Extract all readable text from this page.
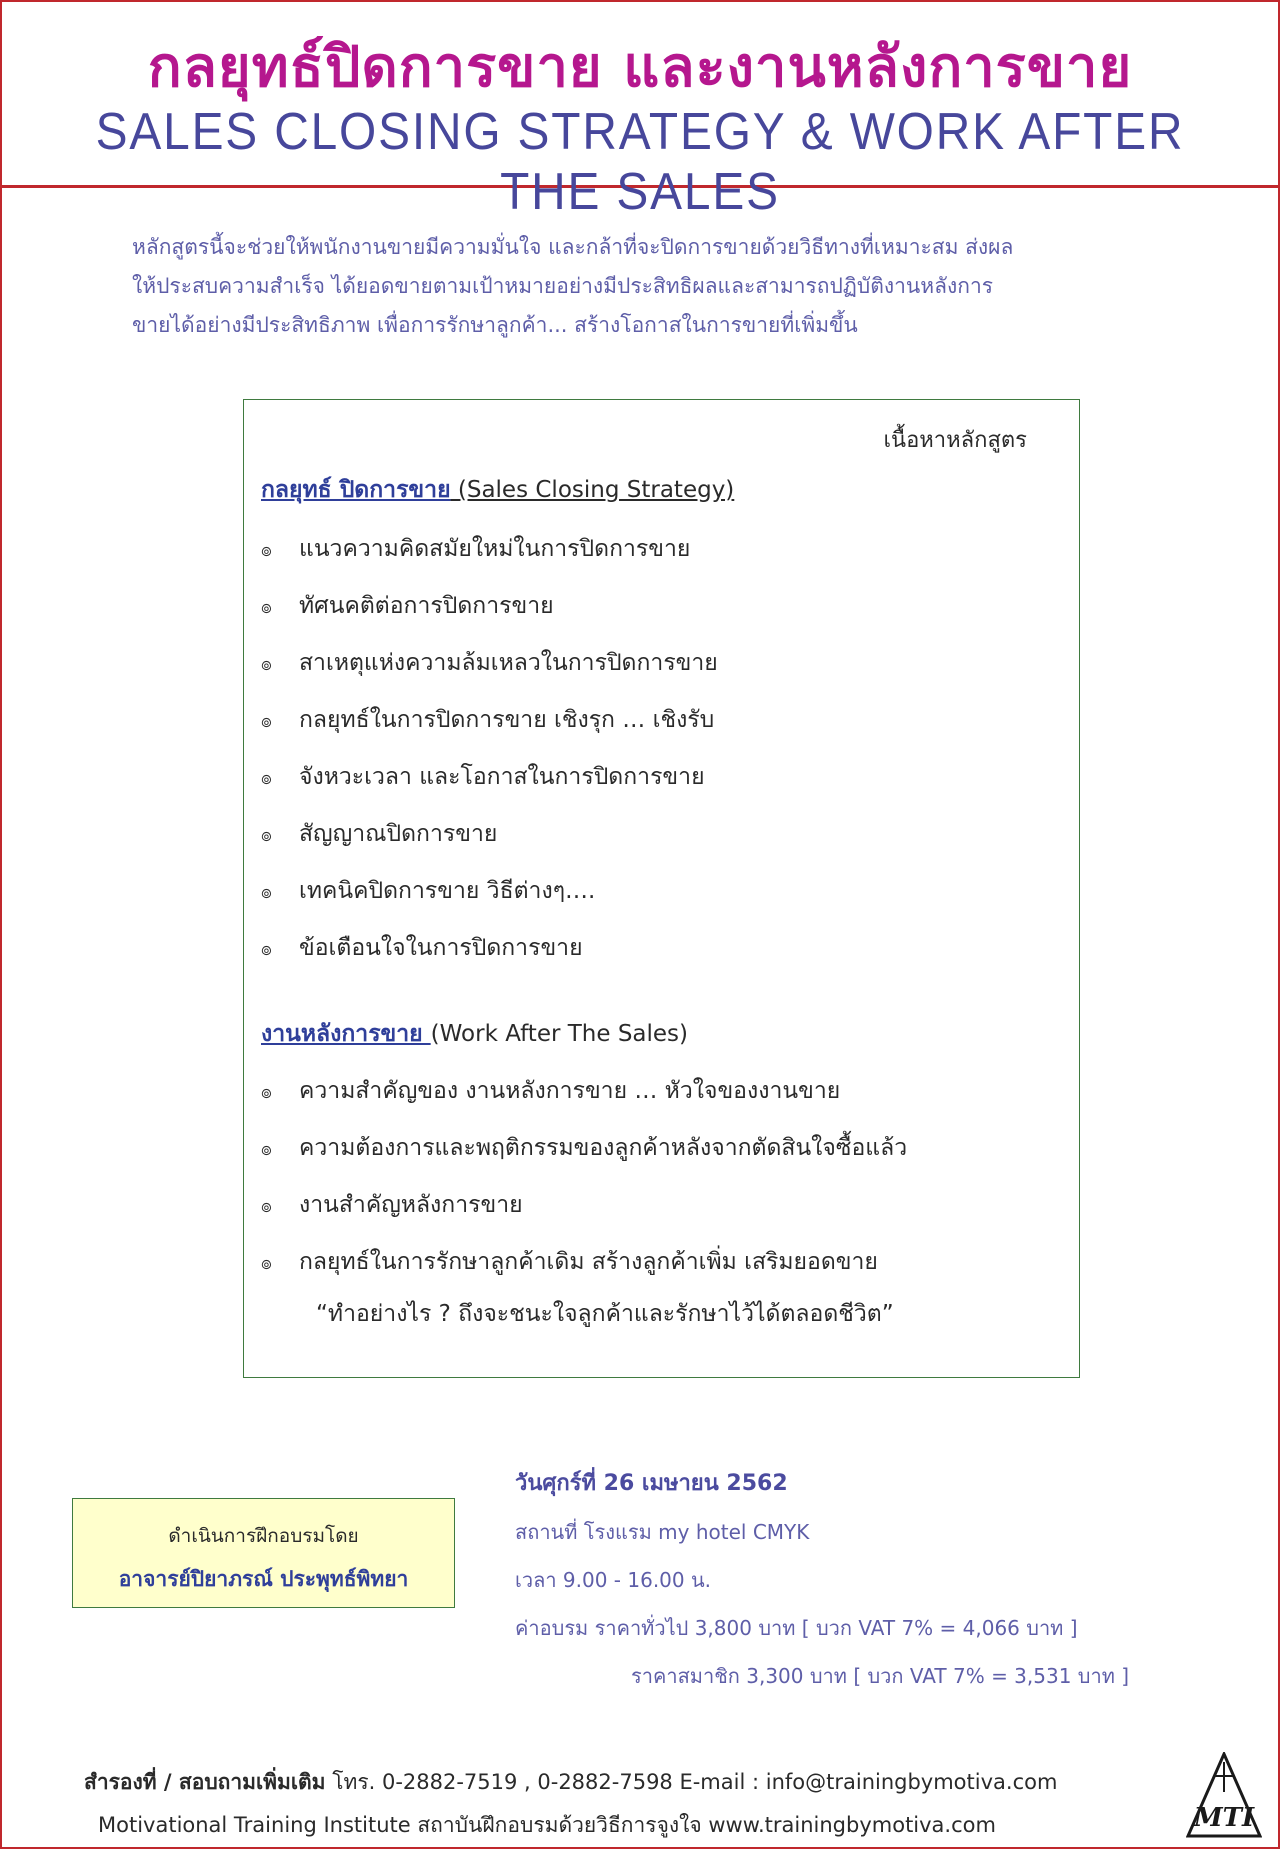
กลยุทธ์ปิดการขาย และงานหลังการขาย
SALES CLOSING STRATEGY & WORK AFTER THE SALES

หลักสูตรนี้จะช่วยให้พนักงานขายมีความมั่นใจ และกล้าที่จะปิดการขายด้วยวิธีทางที่เหมาะสม ส่งผล

ให้ประสบความสำเร็จ ได้ยอดขายตามเป้าหมายอย่างมีประสิทธิผลและสามารถปฏิบัติงานหลังการ

ขายได้อย่างมีประสิทธิภาพ เพื่อการรักษาลูกค้า... สร้างโอกาสในการขายที่เพิ่มขึ้น

เนื้อหาหลักสูตร
กลยุทธ์ ปิดการขาย (Sales Closing Strategy)
๏ แนวความคิดสมัยใหม่ในการปิดการขาย
๏ ทัศนคติต่อการปิดการขาย
๏ สาเหตุแห่งความล้มเหลวในการปิดการขาย
๏ กลยุทธ์ในการปิดการขาย เชิงรุก … เชิงรับ
๏ จังหวะเวลา และโอกาสในการปิดการขาย
๏ สัญญาณปิดการขาย
๏ เทคนิคปิดการขาย วิธีต่างๆ….
๏ ข้อเตือนใจในการปิดการขาย
งานหลังการขาย (Work After The Sales)
๏ ความสำคัญของ งานหลังการขาย … หัวใจของงานขาย
๏ ความต้องการและพฤติกรรมของลูกค้าหลังจากตัดสินใจซื้อแล้ว
๏ งานสำคัญหลังการขาย
๏ กลยุทธ์ในการรักษาลูกค้าเดิม สร้างลูกค้าเพิ่ม เสริมยอดขาย
“ทำอย่างไร ? ถึงจะชนะใจลูกค้าและรักษาไว้ได้ตลอดชีวิต”
ดำเนินการฝึกอบรมโดย
อาจารย์ปิยาภรณ์ ประพุทธ์พิทยา
วันศุกร์ที่ 26 เมษายน 2562
สถานที่ โรงแรม my hotel CMYK
เวลา 9.00 - 16.00 น.
ค่าอบรม ราคาทั่วไป 3,800 บาท [ บวก VAT 7% = 4,066 บาท ]
ราคาสมาชิก 3,300 บาท [ บวก VAT 7% = 3,531 บาท ]
สำรองที่ / สอบถามเพิ่มเติม โทร. 0-2882-7519 , 0-2882-7598 E-mail : info@trainingbymotiva.com
Motivational Training Institute สถาบันฝึกอบรมด้วยวิธีการจูงใจ www.trainingbymotiva.com	MTI
